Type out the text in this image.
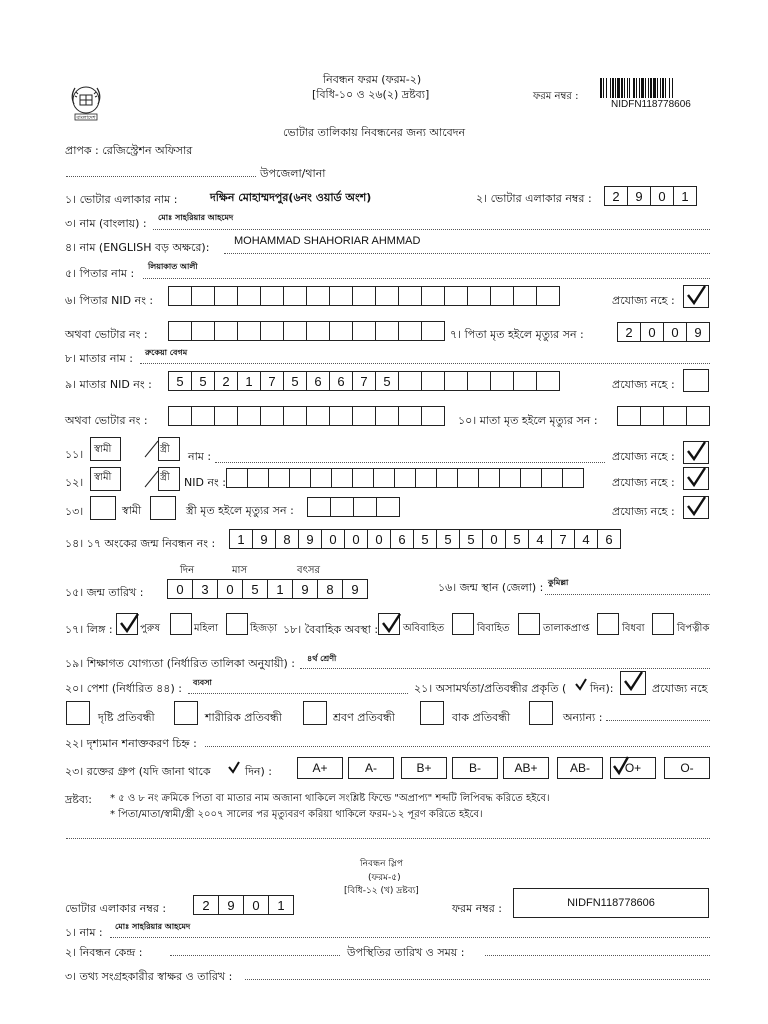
বাংলাদেশ
নিবন্ধন ফরম (ফরম-২)
[বিধি-১০ ও ২৬(২) দ্রষ্টব্য]	ফরম নম্বর :
NIDFN118778606
ভোটার তালিকায় নিবন্ধনের জন্য আবেদন
প্রাপক : রেজিস্ট্রেশন অফিসার
উপজেলা/থানা
১। ভোটার এলাকার নাম :	দক্ষিন মোহাম্মদপুর(৬নং ওয়ার্ড অংশ)	২। ভোটার এলাকার নম্বর :	2	9	0	1
৩। নাম (বাংলায়) : মোঃ সাহরিয়ার আহমেদ
৪। নাম (ENGLISH বড় অক্ষরে): MOHAMMAD SHAHORIAR AHMMAD
৫। পিতার নাম :
লিয়াকাত আলী
৬। পিতার NID নং :	প্রযোজ্য নহে :
অথবা ভোটার নং :	৭। পিতা মৃত হইলে মৃত্যুর সন :	2	0	0	9
৮। মাতার নাম : রুকেয়া বেগম
৯। মাতার NID নং :	5	5	2	1	7	5	6	6	7	5	প্রযোজ্য নহে :
অথবা ভোটার নং :	১০। মাতা মৃত হইলে মৃত্যুর সন :
১১। স্বামী	স্ত্রী
নাম :	প্রযোজ্য নহে :
১২। স্বামী	স্ত্রী NID নং :	প্রযোজ্য নহে :
১৩।	স্বামী	স্ত্রী মৃত হইলে মৃত্যুর সন :	প্রযোজ্য নহে :
১৪। ১৭ অংকের জন্ম নিবন্ধন নং :	1	9	8	9	0	0	0	6	5	5	5	0	5	4	7	4	6
দিন	মাস	বৎসর
১৫। জন্ম তারিখ :	0	3	0	5	1	9	8	9	১৬। জন্ম স্থান (জেলা) : কুমিল্লা
১৭। লিঙ্গ :	পুরুষ	মহিলা	হিজড়া ১৮। বৈবাহিক অবস্থা : অবিবাহিত	বিবাহিত	তালাকপ্রাপ্ত	বিধবা	বিপত্নীক
১৯। শিক্ষাগত যোগ্যতা (নির্ধারিত তালিকা অনুযায়ী) : ৪র্থ শ্রেণী
২০। পেশা (নির্ধারিত ৪৪) : ব্যবসা	২১। অসামর্থতা/প্রতিবন্ধীর প্রকৃতি ( দিন):	প্রযোজ্য নহে
দৃষ্টি প্রতিবন্ধী	শারীরিক প্রতিবন্ধী	শ্রবণ প্রতিবন্ধী	বাক প্রতিবন্ধী	অন্যান্য :
২২। দৃশ্যমান শনাক্তকরণ চিহ্ন :
২৩। রক্তের গ্রুপ (যদি জানা থাকে	দিন) :	A+	A-	B+	B-	AB+	AB-	O+	O-
দ্রষ্টব্য: * ৫ ও ৮ নং ক্রমিকে পিতা বা মাতার নাম অজানা থাকিলে সংশ্লিষ্ট ফিল্ডে "অপ্রাপ্য" শব্দটি লিপিবদ্ধ করিতে হইবে।
* পিতা/মাতা/স্বামী/স্ত্রী ২০০৭ সালের পর মৃত্যুবরণ করিয়া থাকিলে ফরম-১২ পূরণ করিতে হইবে।
নিবন্ধন স্লিপ
(ফরম-৫)
[বিধি-১২ (খ) দ্রষ্টব্য]
ভোটার এলাকার নম্বর :	2	9	0	1	ফরম নম্বর :	NIDFN118778606
১। নাম : মোঃ সাহরিয়ার আহমেদ
২। নিবন্ধন কেন্দ্র :	উপস্থিতির তারিখ ও সময় :
৩। তথ্য সংগ্রহকারীর স্বাক্ষর ও তারিখ :
